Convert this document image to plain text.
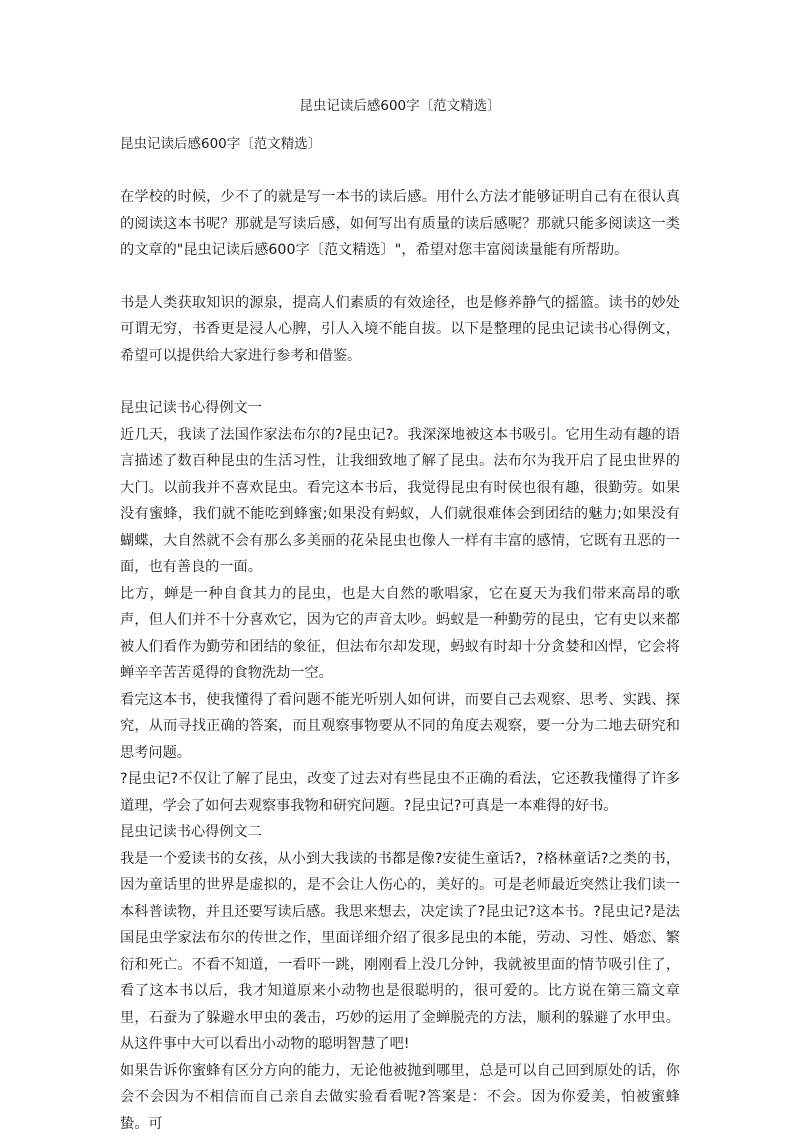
昆虫记读后感600字〔范文精选〕
昆虫记读后感600字〔范文精选〕

在学校的时候，少不了的就是写一本书的读后感。用什么方法才能够证明自己有在很认真的阅读这本书呢？那就是写读后感，如何写出有质量的读后感呢？那就只能多阅读这一类的文章的"昆虫记读后感600字〔范文精选〕"，希望对您丰富阅读量能有所帮助。

书是人类获取知识的源泉，提高人们素质的有效途径，也是修养静气的摇篮。读书的妙处可谓无穷，书香更是浸人心脾，引人入境不能自拔。以下是整理的昆虫记读书心得例文，希望可以提供给大家进行参考和借鉴。

昆虫记读书心得例文一

近几天，我读了法国作家法布尔的?昆虫记?。我深深地被这本书吸引。它用生动有趣的语言描述了数百种昆虫的生活习性，让我细致地了解了昆虫。法布尔为我开启了昆虫世界的大门。以前我并不喜欢昆虫。看完这本书后，我觉得昆虫有时侯也很有趣，很勤劳。如果没有蜜蜂，我们就不能吃到蜂蜜;如果没有蚂蚁，人们就很难体会到团结的魅力;如果没有蝴蝶，大自然就不会有那么多美丽的花朵昆虫也像人一样有丰富的感情，它既有丑恶的一面，也有善良的一面。

比方，蝉是一种自食其力的昆虫，也是大自然的歌唱家，它在夏天为我们带来高昂的歌声，但人们并不十分喜欢它，因为它的声音太吵。蚂蚁是一种勤劳的昆虫，它有史以来都被人们看作为勤劳和团结的象征，但法布尔却发现，蚂蚁有时却十分贪婪和凶悍，它会将蝉辛辛苦苦觅得的食物洗劫一空。

看完这本书，使我懂得了看问题不能光听别人如何讲，而要自己去观察、思考、实践、探究，从而寻找正确的答案，而且观察事物要从不同的角度去观察，要一分为二地去研究和思考问题。

?昆虫记?不仅让了解了昆虫，改变了过去对有些昆虫不正确的看法，它还教我懂得了许多道理，学会了如何去观察事我物和研究问题。?昆虫记?可真是一本难得的好书。

昆虫记读书心得例文二

我是一个爱读书的女孩，从小到大我读的书都是像?安徒生童话?，?格林童话?之类的书，因为童话里的世界是虚拟的，是不会让人伤心的，美好的。可是老师最近突然让我们读一本科普读物，并且还要写读后感。我思来想去，决定读了?昆虫记?这本书。?昆虫记?是法国昆虫学家法布尔的传世之作，里面详细介绍了很多昆虫的本能，劳动、习性、婚恋、繁衍和死亡。不看不知道，一看吓一跳，刚刚看上没几分钟，我就被里面的情节吸引住了，看了这本书以后，我才知道原来小动物也是很聪明的，很可爱的。比方说在第三篇文章里，石蚕为了躲避水甲虫的袭击，巧妙的运用了金蝉脱壳的方法，顺利的躲避了水甲虫。从这件事中大可以看出小动物的聪明智慧了吧!

如果告诉你蜜蜂有区分方向的能力，无论他被抛到哪里，总是可以自己回到原处的话，你会不会因为不相信而自己亲自去做实验看看呢?答案是：不会。因为你爱美，怕被蜜蜂蛰。可
